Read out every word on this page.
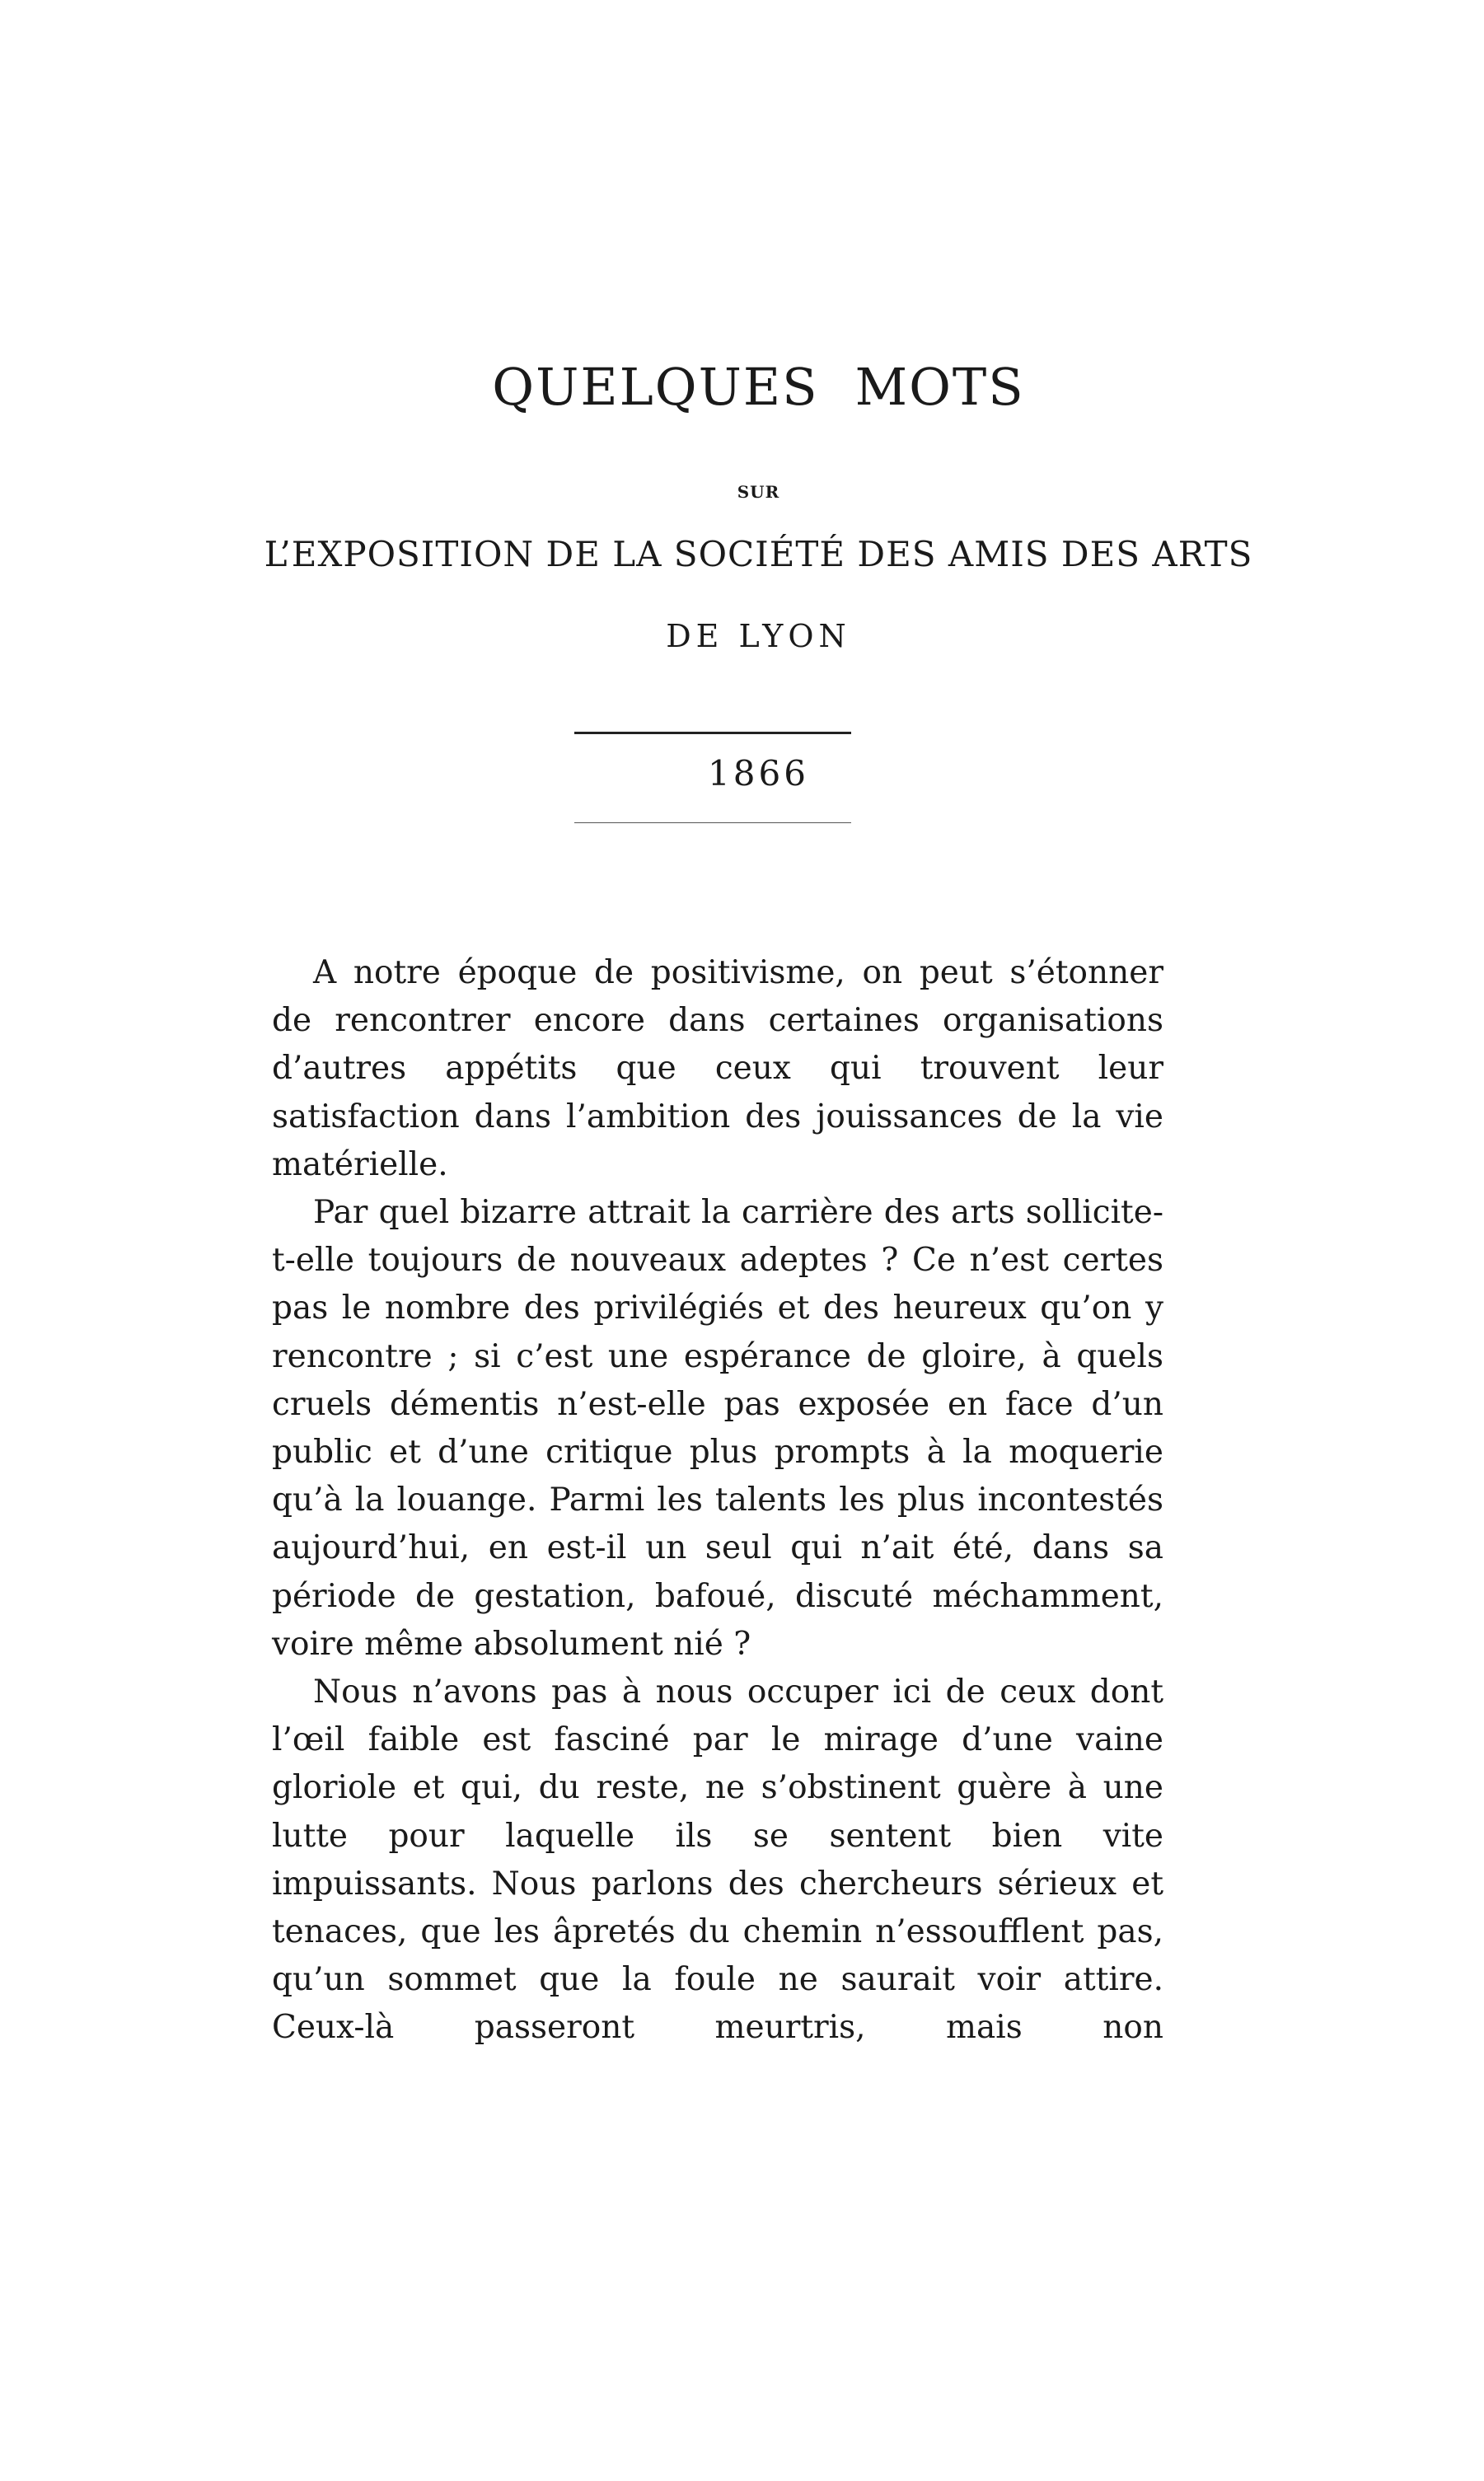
QUELQUES MOTS
SUR
L’EXPOSITION DE LA SOCIÉTÉ DES AMIS DES ARTS
DE LYON
1866

A notre époque de positivisme, on peut s’étonner de rencontrer encore dans certaines organisations d’autres appétits que ceux qui trouvent leur satisfaction dans l’ambition des jouissances de la vie matérielle.

Par quel bizarre attrait la carrière des arts sollicite-t-elle toujours de nouveaux adeptes ? Ce n’est certes pas le nombre des privilégiés et des heureux qu’on y rencontre ; si c’est une espérance de gloire, à quels cruels démentis n’est-elle pas exposée en face d’un public et d’une critique plus prompts à la moquerie qu’à la louange. Parmi les talents les plus incontestés aujourd’hui, en est-il un seul qui n’ait été, dans sa période de gestation, bafoué, discuté méchamment, voire même absolument nié ?

Nous n’avons pas à nous occuper ici de ceux dont l’œil faible est fasciné par le mirage d’une vaine gloriole et qui, du reste, ne s’obstinent guère à une lutte pour laquelle ils se sentent bien vite impuissants. Nous parlons des chercheurs sérieux et tenaces, que les âpretés du chemin n’essoufflent pas, qu’un sommet que la foule ne saurait voir attire. Ceux-là passeront meurtris, mais non
